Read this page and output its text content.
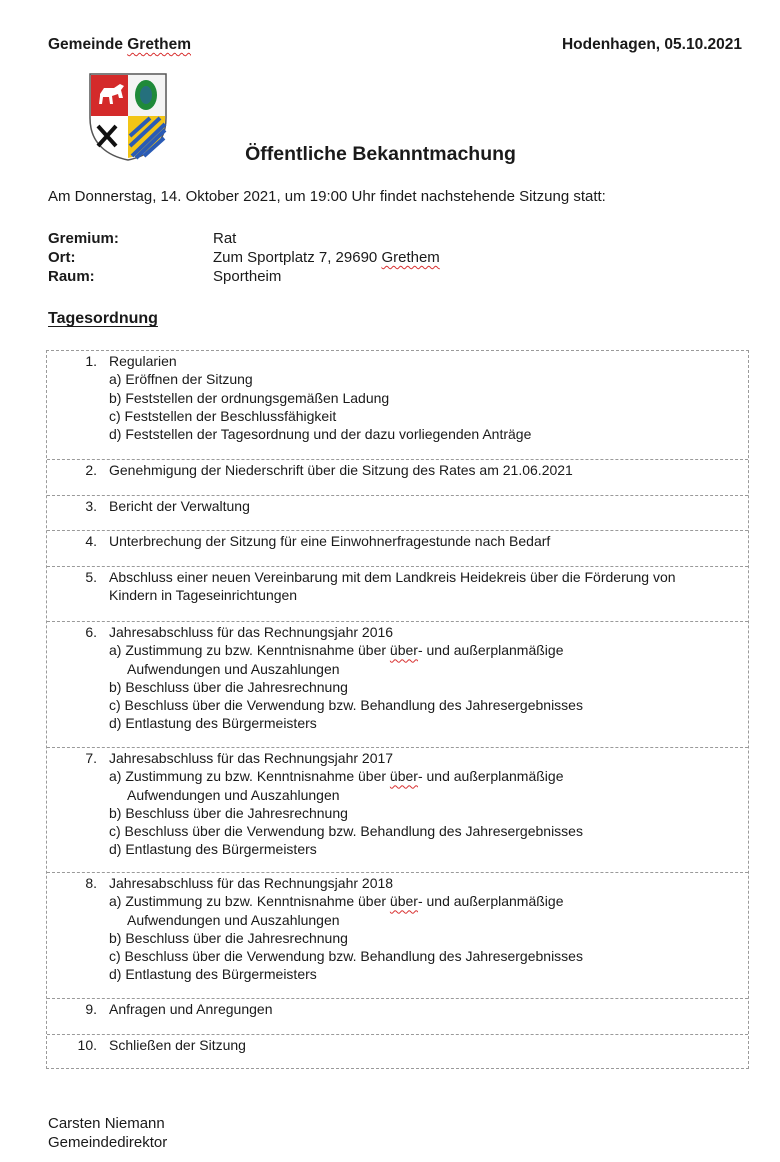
Gemeinde Grethem	Hodenhagen, 05.10.2021
Öffentliche Bekanntmachung
Am Donnerstag, 14. Oktober 2021, um 19:00 Uhr findet nachstehende Sitzung statt:
Gremium:	Rat
Ort:	Zum Sportplatz 7, 29690 Grethem
Raum:	Sportheim
Tagesordnung
1. Regularien
a) Eröffnen der Sitzung
b) Feststellen der ordnungsgemäßen Ladung
c) Feststellen der Beschlussfähigkeit
d) Feststellen der Tagesordnung und der dazu vorliegenden Anträge
2. Genehmigung der Niederschrift über die Sitzung des Rates am 21.06.2021
3. Bericht der Verwaltung
4. Unterbrechung der Sitzung für eine Einwohnerfragestunde nach Bedarf
5. Abschluss einer neuen Vereinbarung mit dem Landkreis Heidekreis über die Förderung von
Kindern in Tageseinrichtungen
6. Jahresabschluss für das Rechnungsjahr 2016
a) Zustimmung zu bzw. Kenntnisnahme über über- und außerplanmäßige
Aufwendungen und Auszahlungen
b) Beschluss über die Jahresrechnung
c) Beschluss über die Verwendung bzw. Behandlung des Jahresergebnisses
d) Entlastung des Bürgermeisters
7. Jahresabschluss für das Rechnungsjahr 2017
a) Zustimmung zu bzw. Kenntnisnahme über über- und außerplanmäßige
Aufwendungen und Auszahlungen
b) Beschluss über die Jahresrechnung
c) Beschluss über die Verwendung bzw. Behandlung des Jahresergebnisses
d) Entlastung des Bürgermeisters
8. Jahresabschluss für das Rechnungsjahr 2018
a) Zustimmung zu bzw. Kenntnisnahme über über- und außerplanmäßige
Aufwendungen und Auszahlungen
b) Beschluss über die Jahresrechnung
c) Beschluss über die Verwendung bzw. Behandlung des Jahresergebnisses
d) Entlastung des Bürgermeisters
9. Anfragen und Anregungen
10. Schließen der Sitzung
Carsten Niemann
Gemeindedirektor
